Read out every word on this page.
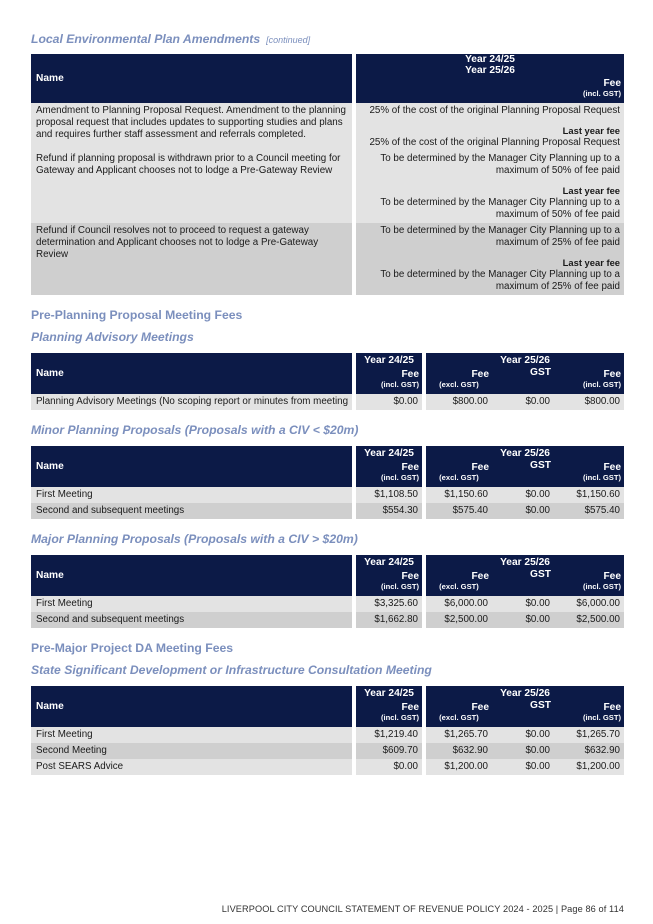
Local Environmental Plan Amendments [continued]
Name	Year 24/25Year 25/26
	Fee
	(incl. GST)
Amendment to Planning Proposal Request. Amendment to the planning proposal request that includes updates to supporting studies and plans and requires further staff assessment and referrals completed.	25% of the cost of the original Planning Proposal Request
Last year fee
25% of the cost of the original Planning Proposal Request

Refund if planning proposal is withdrawn prior to a Council meeting for Gateway and Applicant chooses not to lodge a Pre-Gateway Review	To be determined by the Manager City Planning up to a maximum of 50% of fee paid
Last year fee
To be determined by the Manager City Planning up to a maximum of 50% of fee paid

Refund if Council resolves not to proceed to request a gateway determination and Applicant chooses not to lodge a Pre-Gateway Review	To be determined by the Manager City Planning up to a maximum of 25% of fee paid
Last year fee
To be determined by the Manager City Planning up to a maximum of 25% of fee paid
Pre-Planning Proposal Meeting Fees
Planning Advisory Meetings
Name	Year 24/25	Year 25/26		
	Fee	Fee	GST	Fee
	(incl. GST)	(excl. GST)		(incl. GST)
Planning Advisory Meetings (No scoping report or minutes from meeting	$0.00	$800.00	$0.00	$800.00
Minor Planning Proposals (Proposals with a CIV < $20m)
Name	Year 24/25	Year 25/26		
	Fee	Fee	GST	Fee
	(incl. GST)	(excl. GST)		(incl. GST)
First Meeting	$1,108.50	$1,150.60	$0.00	$1,150.60
Second and subsequent meetings	$554.30	$575.40	$0.00	$575.40
Major Planning Proposals (Proposals with a CIV > $20m)
Name	Year 24/25	Year 25/26		
	Fee	Fee	GST	Fee
	(incl. GST)	(excl. GST)		(incl. GST)
First Meeting	$3,325.60	$6,000.00	$0.00	$6,000.00
Second and subsequent meetings	$1,662.80	$2,500.00	$0.00	$2,500.00
Pre-Major Project DA Meeting Fees
State Significant Development or Infrastructure Consultation Meeting
Name	Year 24/25	Year 25/26		
	Fee	Fee	GST	Fee
	(incl. GST)	(excl. GST)		(incl. GST)
First Meeting	$1,219.40	$1,265.70	$0.00	$1,265.70
Second Meeting	$609.70	$632.90	$0.00	$632.90
Post SEARS Advice	$0.00	$1,200.00	$0.00	$1,200.00
LIVERPOOL CITY COUNCIL STATEMENT OF REVENUE POLICY 2024 - 2025 | Page 86 of 114
